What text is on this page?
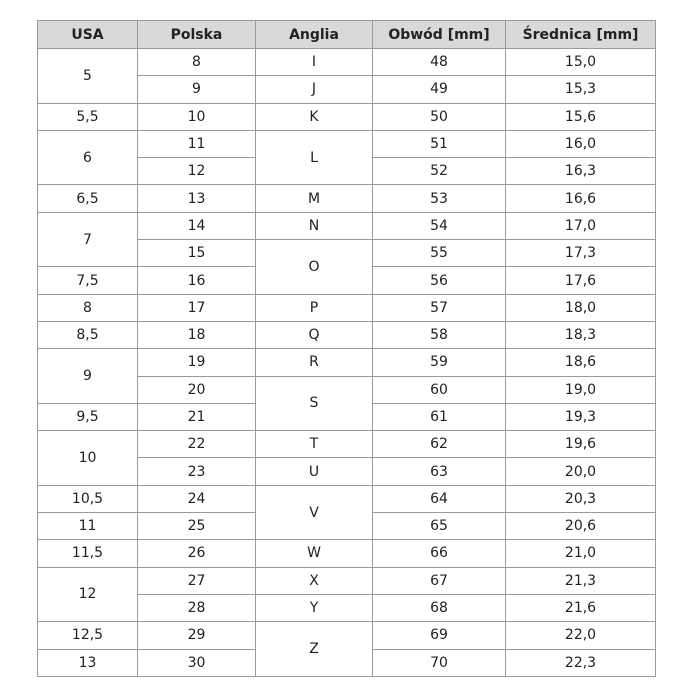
USA	Polska	Anglia	Obwód [mm]	Średnica [mm]
5	8	I	48	15,0
	9	J	49	15,3
5,5	10	K	50	15,6
6	11	L	51	16,0
	12		52	16,3
6,5	13	M	53	16,6
7	14	N	54	17,0
	15	O	55	17,3
7,5	16		56	17,6
8	17	P	57	18,0
8,5	18	Q	58	18,3
9	19	R	59	18,6
	20	S	60	19,0
9,5	21		61	19,3
10	22	T	62	19,6
	23	U	63	20,0
10,5	24	V	64	20,3
11	25		65	20,6
11,5	26	W	66	21,0
12	27	X	67	21,3
	28	Y	68	21,6
12,5	29	Z	69	22,0
13	30		70	22,3
